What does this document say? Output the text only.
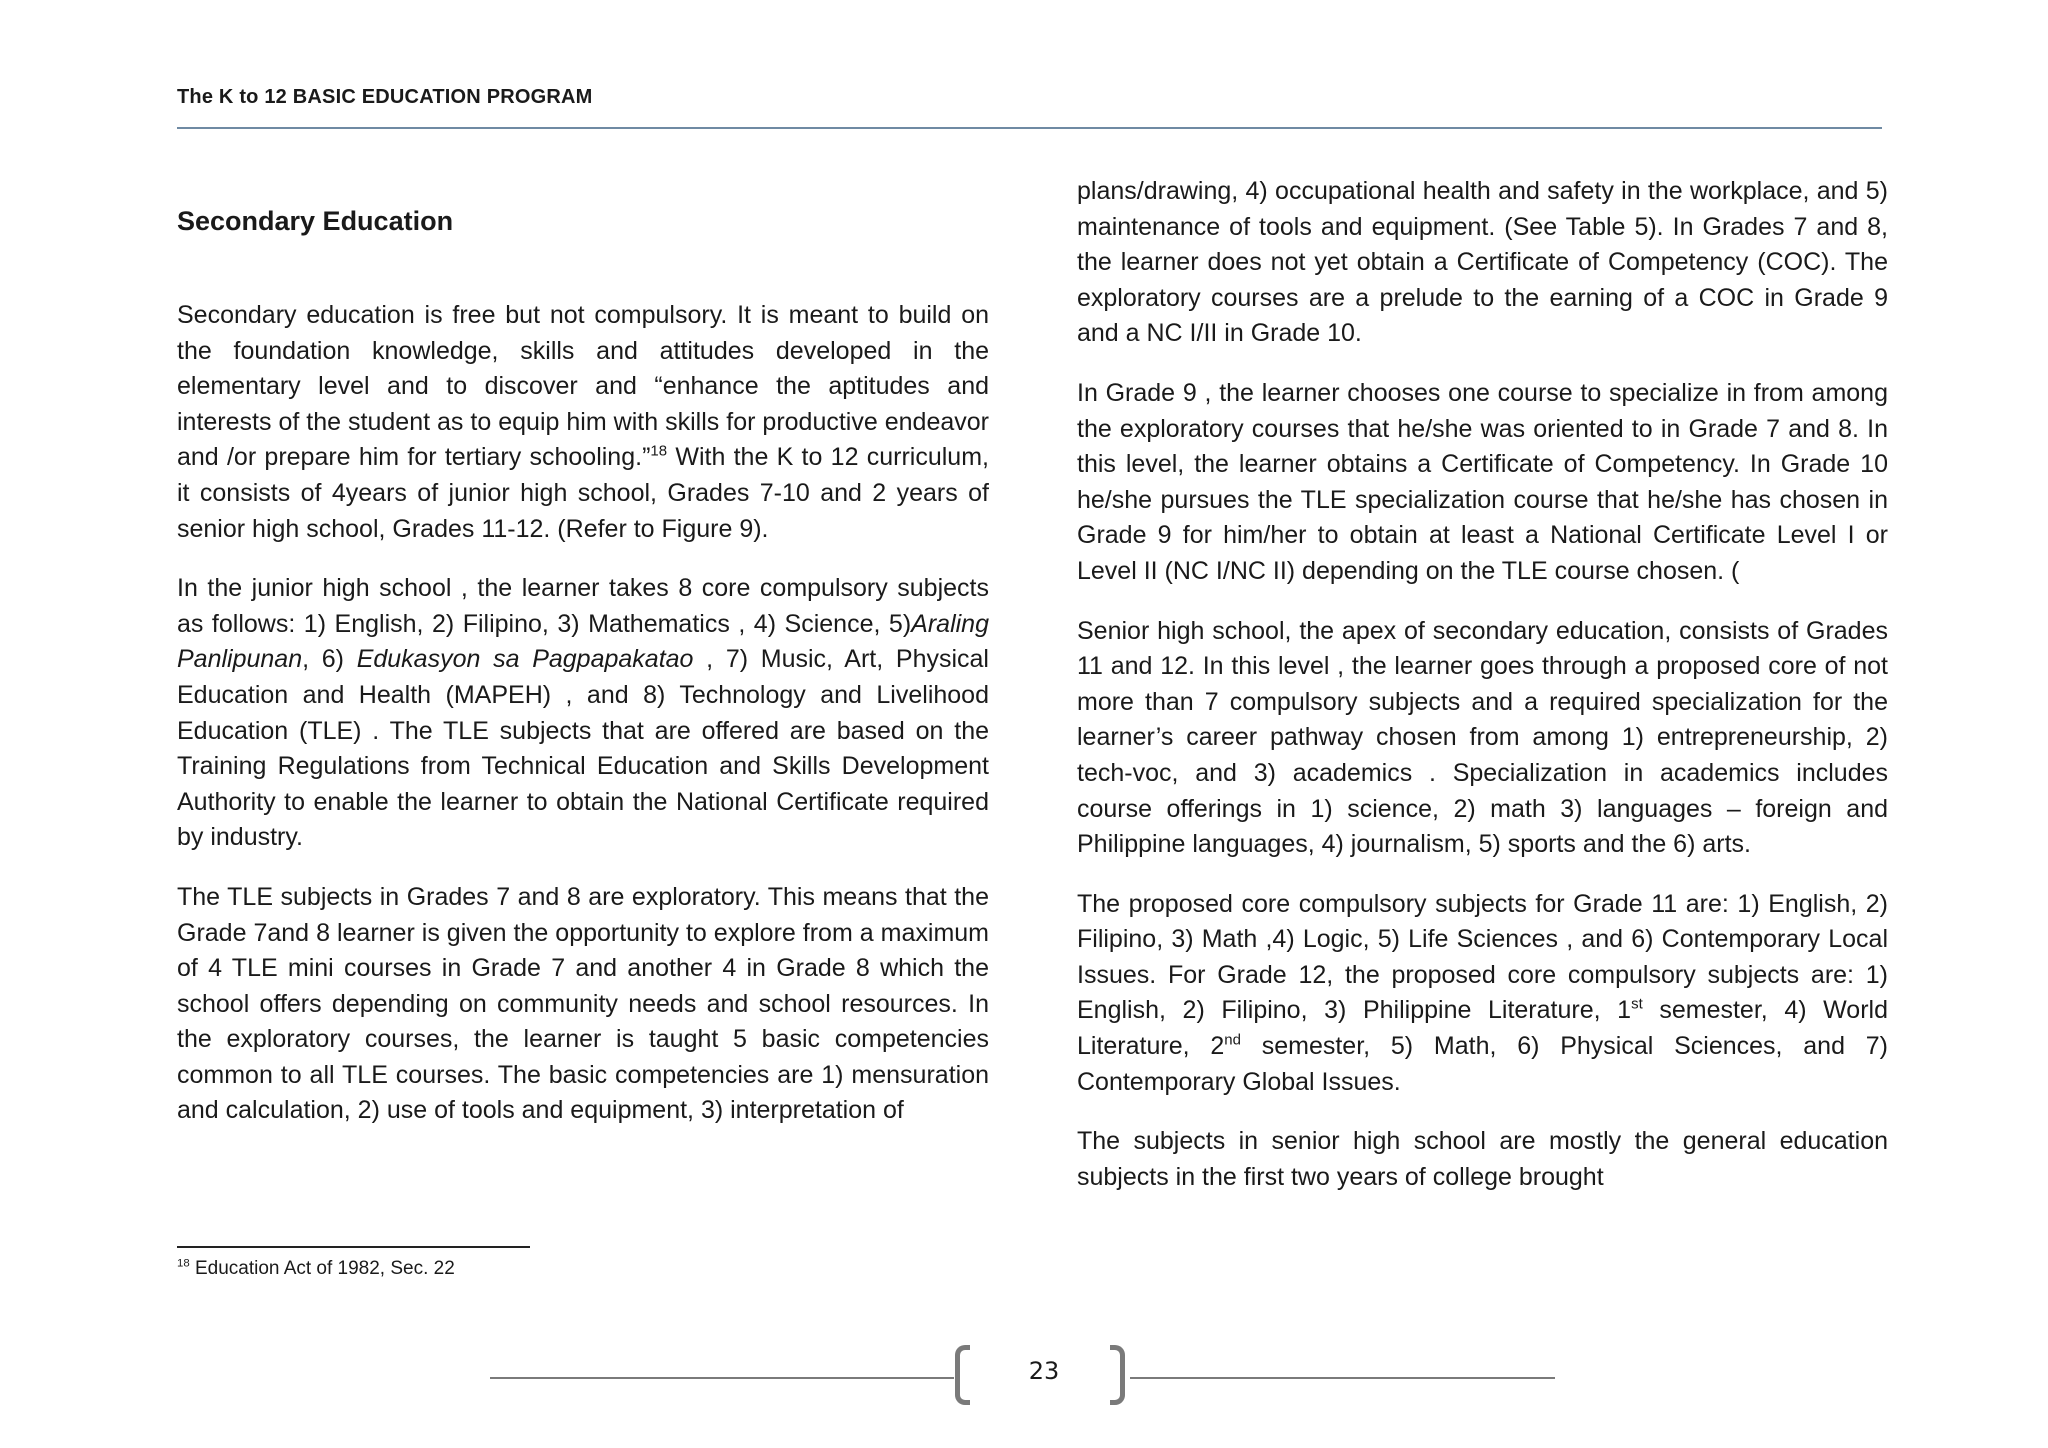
The K to 12 BASIC EDUCATION PROGRAM
Secondary Education

Secondary education is free but not compulsory. It is meant to build on the foundation knowledge, skills and attitudes developed in the elementary level and to discover and “enhance the aptitudes and interests of the student as to equip him with skills for productive endeavor and /or prepare him for tertiary schooling.”$^{18}$ With the K to 12 curriculum, it consists of 4years of junior high school, Grades 7-10 and 2 years of senior high school, Grades 11-12. (Refer to Figure 9).

In the junior high school , the learner takes 8 core compulsory subjects as follows: 1) English, 2) Filipino, 3) Mathematics , 4) Science, 5)Araling Panlipunan, 6) Edukasyon sa Pagpapakatao , 7) Music, Art, Physical Education and Health (MAPEH) , and 8) Technology and Livelihood Education (TLE) . The TLE subjects that are offered are based on the Training Regulations from Technical Education and Skills Development Authority to enable the learner to obtain the National Certificate required by industry.

The TLE subjects in Grades 7 and 8 are exploratory. This means that the Grade 7and 8 learner is given the opportunity to explore from a maximum of 4 TLE mini courses in Grade 7 and another 4 in Grade 8 which the school offers depending on community needs and school resources. In the exploratory courses, the learner is taught 5 basic competencies common to all TLE courses. The basic competencies are 1) mensuration and calculation, 2) use of tools and equipment, 3) interpretation of

$^{18}$ Education Act of 1982, Sec. 22

plans/drawing, 4) occupational health and safety in the workplace, and 5) maintenance of tools and equipment. (See Table 5). In Grades 7 and 8, the learner does not yet obtain a Certificate of Competency (COC). The exploratory courses are a prelude to the earning of a COC in Grade 9 and a NC I/II in Grade 10.

In Grade 9 , the learner chooses one course to specialize in from among the exploratory courses that he/she was oriented to in Grade 7 and 8. In this level, the learner obtains a Certificate of Competency. In Grade 10 he/she pursues the TLE specialization course that he/she has chosen in Grade 9 for him/her to obtain at least a National Certificate Level I or Level II (NC I/NC II) depending on the TLE course chosen. (

Senior high school, the apex of secondary education, consists of Grades 11 and 12. In this level , the learner goes through a proposed core of not more than 7 compulsory subjects and a required specialization for the learner’s career pathway chosen from among 1) entrepreneurship, 2) tech-voc, and 3) academics . Specialization in academics includes course offerings in 1) science, 2) math 3) languages – foreign and Philippine languages, 4) journalism, 5) sports and the 6) arts.

The proposed core compulsory subjects for Grade 11 are: 1) English, 2) Filipino, 3) Math ,4) Logic, 5) Life Sciences , and 6) Contemporary Local Issues. For Grade 12, the proposed core compulsory subjects are: 1) English, 2) Filipino, 3) Philippine Literature, 1st semester, 4) World Literature, 2nd semester, 5) Math, 6) Physical Sciences, and 7) Contemporary Global Issues.

The subjects in senior high school are mostly the general education subjects in the first two years of college brought

23
